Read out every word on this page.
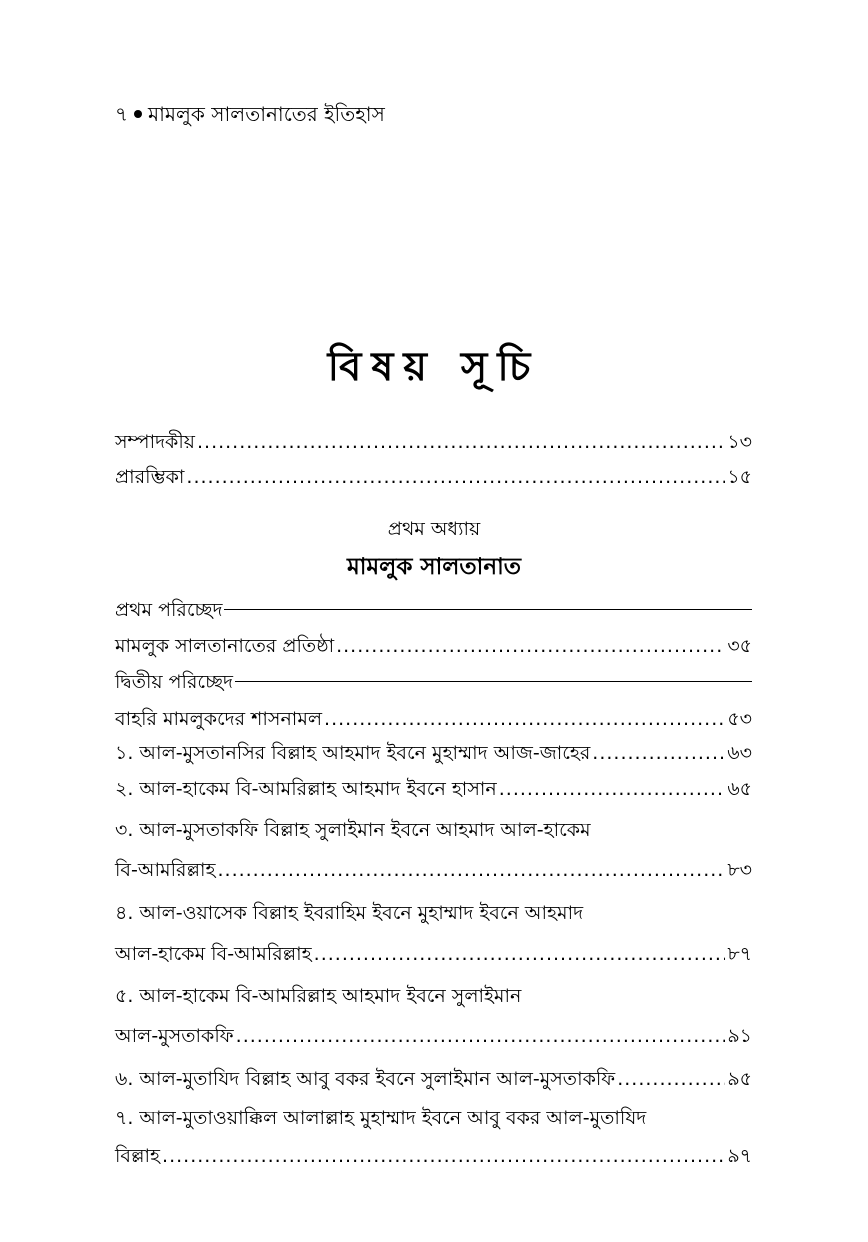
৭ মামলুক সালতানাতের ইতিহাস
বিষয় সূচি
সম্পাদকীয় .....	১৩
প্রারম্ভিকা .....	১৫
প্রথম পরিচ্ছেদ
মামলুক সালতানাতের প্রতিষ্ঠা .....	৩৫
দ্বিতীয় পরিচ্ছেদ
বাহরি মামলুকদের শাসনামল .....	৫৩
১. আল-মুসতানসির বিল্লাহ আহমাদ ইবনে মুহাম্মাদ আজ-জাহের .....	৬৩
২. আল-হাকেম বি-আমরিল্লাহ আহমাদ ইবনে হাসান .....	৬৫
৩. আল-মুসতাকফি বিল্লাহ সুলাইমান ইবনে আহমাদ আল-হাকেম
বি-আমরিল্লাহ .....	৮৩
৪. আল-ওয়াসেক বিল্লাহ ইবরাহিম ইবনে মুহাম্মাদ ইবনে আহমাদ
আল-হাকেম বি-আমরিল্লাহ .....	৮৭
৫. আল-হাকেম বি-আমরিল্লাহ আহমাদ ইবনে সুলাইমান
আল-মুসতাকফি .....	৯১
৬. আল-মুতাযিদ বিল্লাহ আবু বকর ইবনে সুলাইমান আল-মুসতাকফি .....	৯৫
৭. আল-মুতাওয়াক্কিল আলাল্লাহ মুহাম্মাদ ইবনে আবু বকর আল-মুতাযিদ
বিল্লাহ .....	৯৭
প্রথম অধ্যায়
মামলুক সালতানাত
